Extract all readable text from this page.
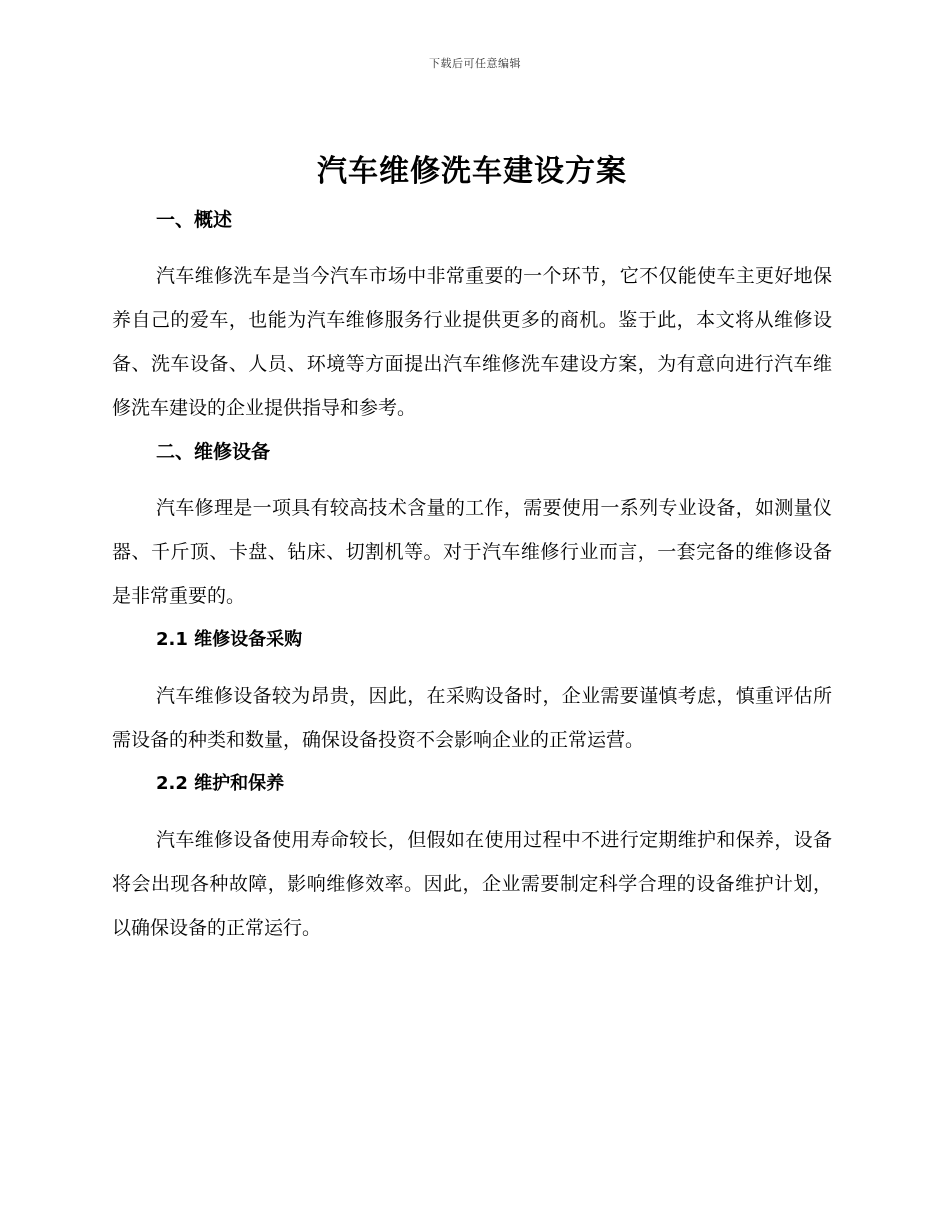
下载后可任意编辑
汽车维修洗车建设方案
一、概述

汽车维修洗车是当今汽车市场中非常重要的一个环节，它不仅能使车主更好地保养自己的爱车，也能为汽车维修服务行业提供更多的商机。鉴于此，本文将从维修设备、洗车设备、人员、环境等方面提出汽车维修洗车建设方案，为有意向进行汽车维修洗车建设的企业提供指导和参考。

二、维修设备

汽车修理是一项具有较高技术含量的工作，需要使用一系列专业设备，如测量仪器、千斤顶、卡盘、钻床、切割机等。对于汽车维修行业而言，一套完备的维修设备是非常重要的。

2.1 维修设备采购

汽车维修设备较为昂贵，因此，在采购设备时，企业需要谨慎考虑，慎重评估所需设备的种类和数量，确保设备投资不会影响企业的正常运营。

2.2 维护和保养

汽车维修设备使用寿命较长，但假如在使用过程中不进行定期维护和保养，设备将会出现各种故障，影响维修效率。因此，企业需要制定科学合理的设备维护计划，以确保设备的正常运行。
